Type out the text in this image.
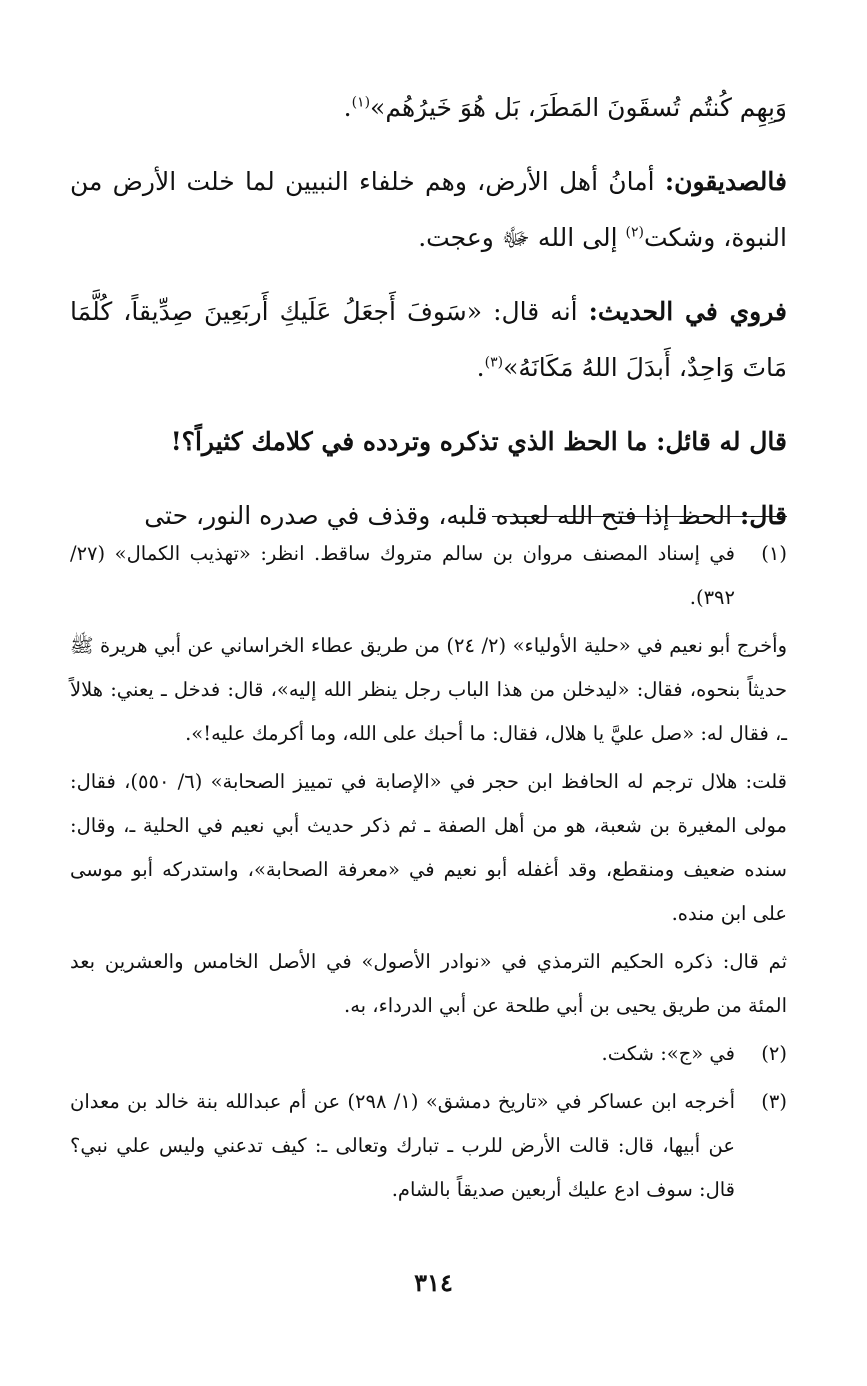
وَبِهِم كُنتُم تُسقَونَ المَطَرَ، بَل هُوَ خَيرُهُم»$^{(١)}$.

فالصديقون: أمانُ أهل الأرض، وهم خلفاء النبيين لما خلت الأرض من النبوة، وشكت$^{(٢)}$ إلى الله ﷻ وعجت.

فروي في الحديث: أنه قال: «سَوفَ أَجعَلُ عَلَيكِ أَربَعِينَ صِدِّيقاً، كُلَّمَا مَاتَ وَاحِدٌ، أَبدَلَ اللهُ مَكَانَهُ»$^{(٣)}$.

قال له قائل: ما الحظ الذي تذكره وتردده في كلامك كثيراً؟!

قال: الحظ إذا فتح الله لعبده قلبه، وقذف في صدره النور، حتى

(١)
في إسناد المصنف مروان بن سالم متروك ساقط. انظر: «تهذيب الكمال» (٢٧/ ٣٩٢).

وأخرج أبو نعيم في «حلية الأولياء» (٢/ ٢٤) من طريق عطاء الخراساني عن أبي هريرة ﷺ حديثاً بنحوه، فقال: «ليدخلن من هذا الباب رجل ينظر الله إليه»، قال: فدخل ـ يعني: هلالاً ـ، فقال له: «صل عليَّ يا هلال، فقال: ما أحبك على الله، وما أكرمك عليه!».

قلت: هلال ترجم له الحافظ ابن حجر في «الإصابة في تمييز الصحابة» (٦/ ٥٥٠)، فقال: مولى المغيرة بن شعبة، هو من أهل الصفة ـ ثم ذكر حديث أبي نعيم في الحلية ـ، وقال: سنده ضعيف ومنقطع، وقد أغفله أبو نعيم في «معرفة الصحابة»، واستدركه أبو موسى على ابن منده.

ثم قال: ذكره الحكيم الترمذي في «نوادر الأصول» في الأصل الخامس والعشرين بعد المئة من طريق يحيى بن أبي طلحة عن أبي الدرداء، به.

(٢)
في «ج»: شكت.
(٣)
أخرجه ابن عساكر في «تاريخ دمشق» (١/ ٢٩٨) عن أم عبدالله بنة خالد بن معدان عن أبيها، قال: قالت الأرض للرب ـ تبارك وتعالى ـ: كيف تدعني وليس علي نبي؟ قال: سوف ادع عليك أربعين صديقاً بالشام.
٣١٤
